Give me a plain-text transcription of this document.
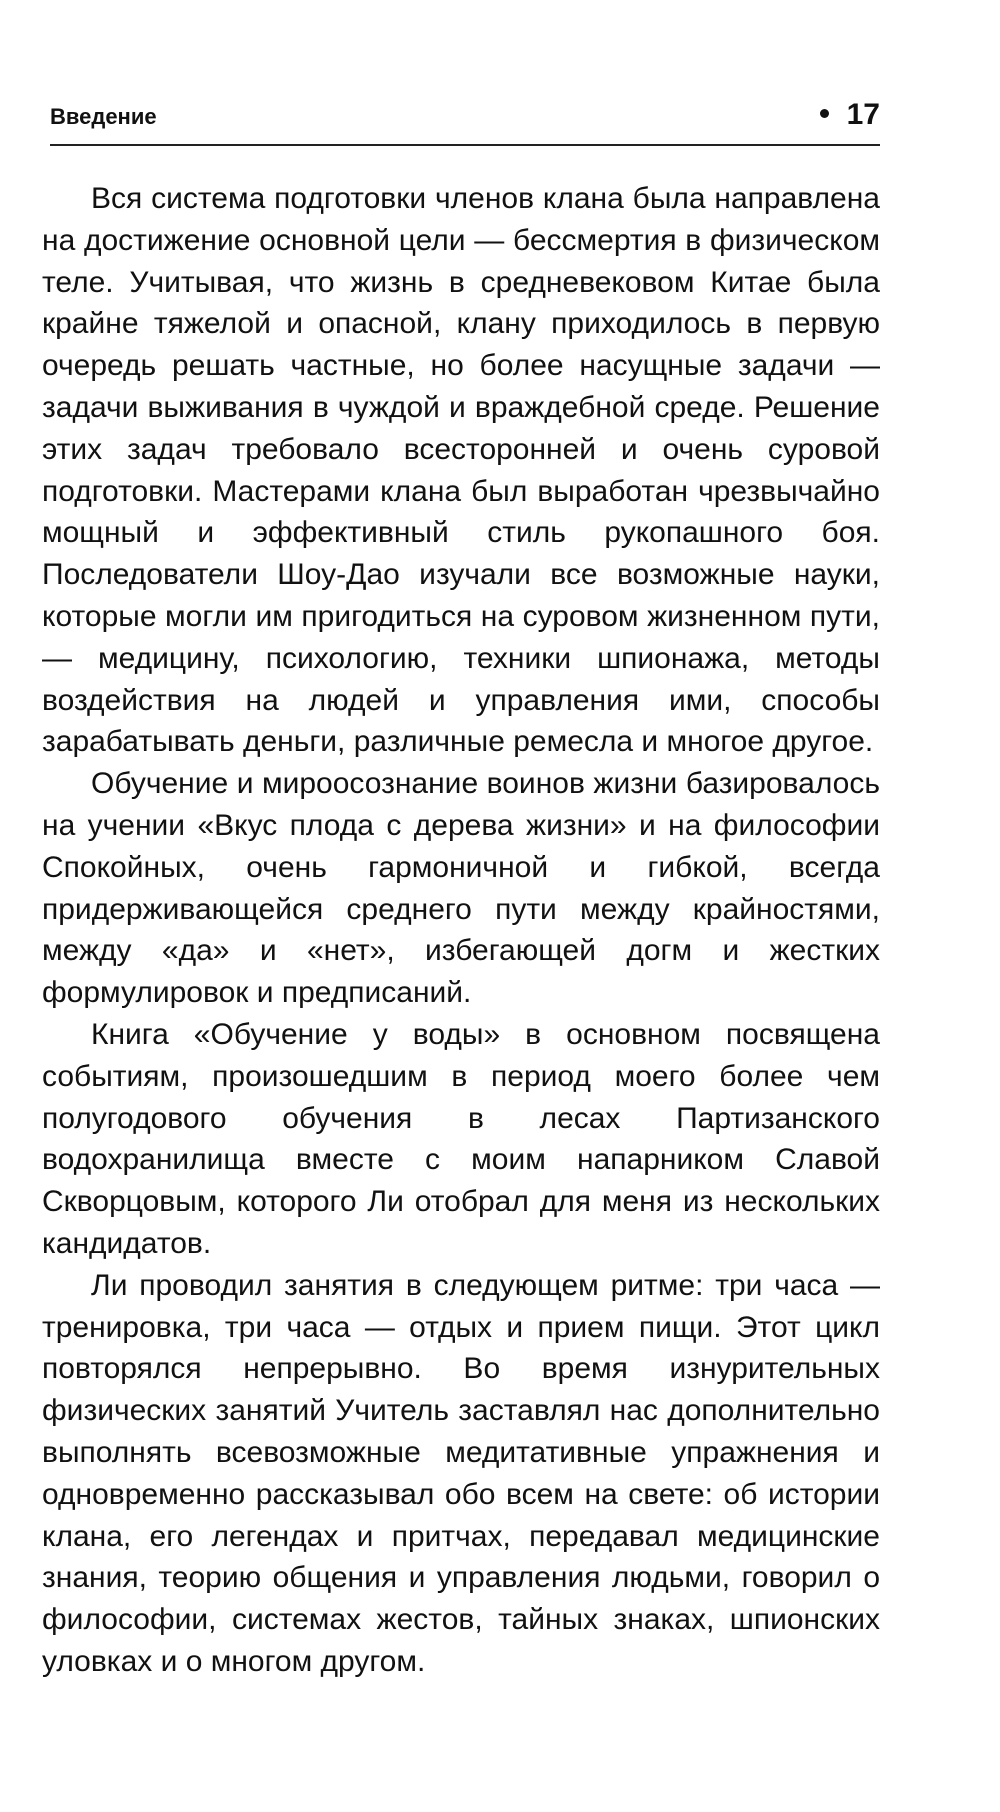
Введение	17

Вся система подготовки членов клана была направлена на достижение основной цели — бессмертия в физическом теле. Учитывая, что жизнь в средневековом Китае была крайне тяжелой и опасной, клану приходилось в первую очередь решать частные, но более насущные задачи — задачи выживания в чуждой и враждебной среде. Решение этих задач требовало всесторонней и очень суровой подготовки. Мастерами клана был выработан чрезвычайно мощный и эффективный стиль рукопашного боя. Последователи Шоу-Дао изучали все возможные науки, которые могли им пригодиться на суровом жизненном пути, — медицину, психологию, техники шпионажа, методы воздействия на людей и управления ими, способы зарабатывать деньги, различные ремесла и многое другое.

Обучение и мироосознание воинов жизни базировалось на учении «Вкус плода с дерева жизни» и на философии Спокойных, очень гармоничной и гибкой, всегда придерживающейся среднего пути между крайностями, между «да» и «нет», избегающей догм и жестких формулировок и предписаний.

Книга «Обучение у воды» в основном посвящена событиям, произошедшим в период моего более чем полугодового обучения в лесах Партизанского водохранилища вместе с моим напарником Славой Скворцовым, которого Ли отобрал для меня из нескольких кандидатов.

Ли проводил занятия в следующем ритме: три часа — тренировка, три часа — отдых и прием пищи. Этот цикл повторялся непрерывно. Во время изнурительных физических занятий Учитель заставлял нас дополнительно выполнять всевозможные медитативные упражнения и одновременно рассказывал обо всем на свете: об истории клана, его легендах и притчах, передавал медицинские знания, теорию общения и управления людьми, говорил о философии, системах жестов, тайных знаках, шпионских уловках и о многом другом.
